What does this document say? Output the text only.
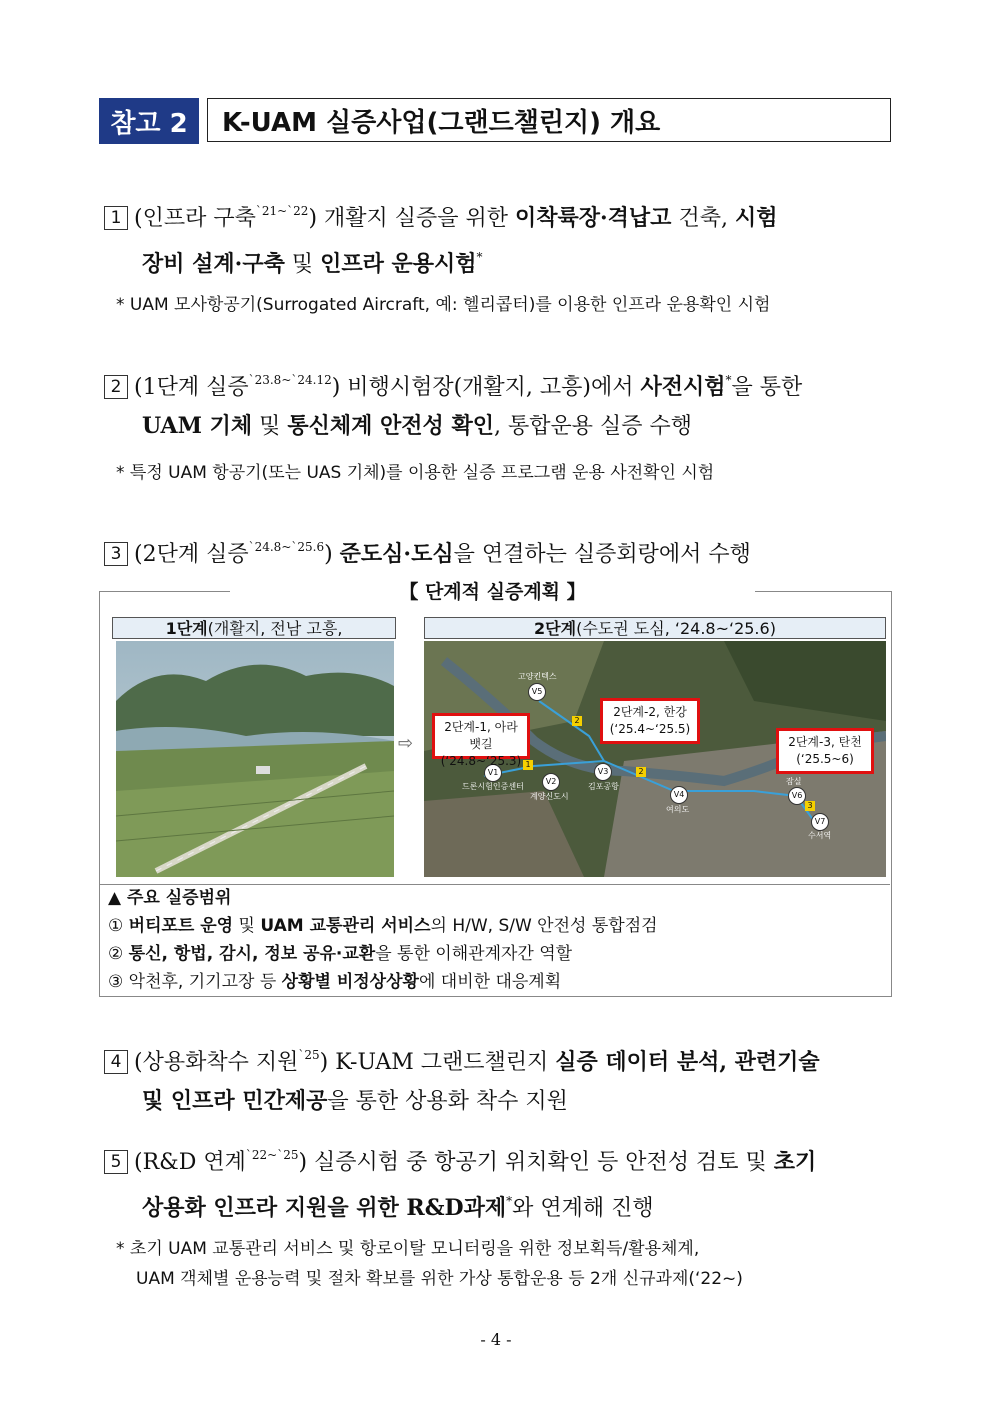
참고 2	K-UAM 실증사업(그랜드챌린지) 개요
1 (인프라 구축$^{`21\sim`22}$) 개활지 실증을 위한 이착륙장·격납고 건축, 시험
장비 설계·구축 및 인프라 운용시험*
* UAM 모사항공기(Surrogated Aircraft, 예: 헬리콥터)를 이용한 인프라 운용확인 시험
2 (1단계 실증$^{`23.8\sim`24.12}$) 비행시험장(개활지, 고흥)에서 사전시험*을 통한
UAM 기체 및 통신체계 안전성 확인, 통합운용 실증 수행
* 특정 UAM 항공기(또는 UAS 기체)를 이용한 실증 프로그램 운용 사전확인 시험
3 (2단계 실증$^{`24.8\sim`25.6}$) 준도심·도심을 연결하는 실증회랑에서 수행
【 단계적 실증계획 】
1단계(개활지, 전남 고흥,	2단계(수도권 도심, ‘24.8~‘25.6)
⇨
V5
V1
V2
V3
V4	V6
V7
1
2
2
3
고양킨텍스
드론시험인증센터
계양신도시
김포공항
여의도
잠실
수서역
2단계-1, 아라뱃길
(‘24.8~‘25.3)
2단계-2, 한강
(‘25.4~‘25.5)
2단계-3, 탄천
(‘25.5~6)
▲ 주요 실증범위
① 버티포트 운영 및 UAM 교통관리 서비스의 H/W, S/W 안전성 통합점검
② 통신, 항법, 감시, 정보 공유·교환을 통한 이해관계자간 역할
③ 악천후, 기기고장 등 상황별 비정상상황에 대비한 대응계획
4 (상용화착수 지원$^{`25}$) K-UAM 그랜드챌린지 실증 데이터 분석, 관련기술
및 인프라 민간제공을 통한 상용화 착수 지원
5 (R&D 연계$^{`22\sim`25}$) 실증시험 중 항공기 위치확인 등 안전성 검토 및 초기
상용화 인프라 지원을 위한 R&D과제*와 연계해 진행
* 초기 UAM 교통관리 서비스 및 항로이탈 모니터링을 위한 정보획득/활용체계,
UAM 객체별 운용능력 및 절차 확보를 위한 가상 통합운용 등 2개 신규과제(‘22~)
- 4 -
